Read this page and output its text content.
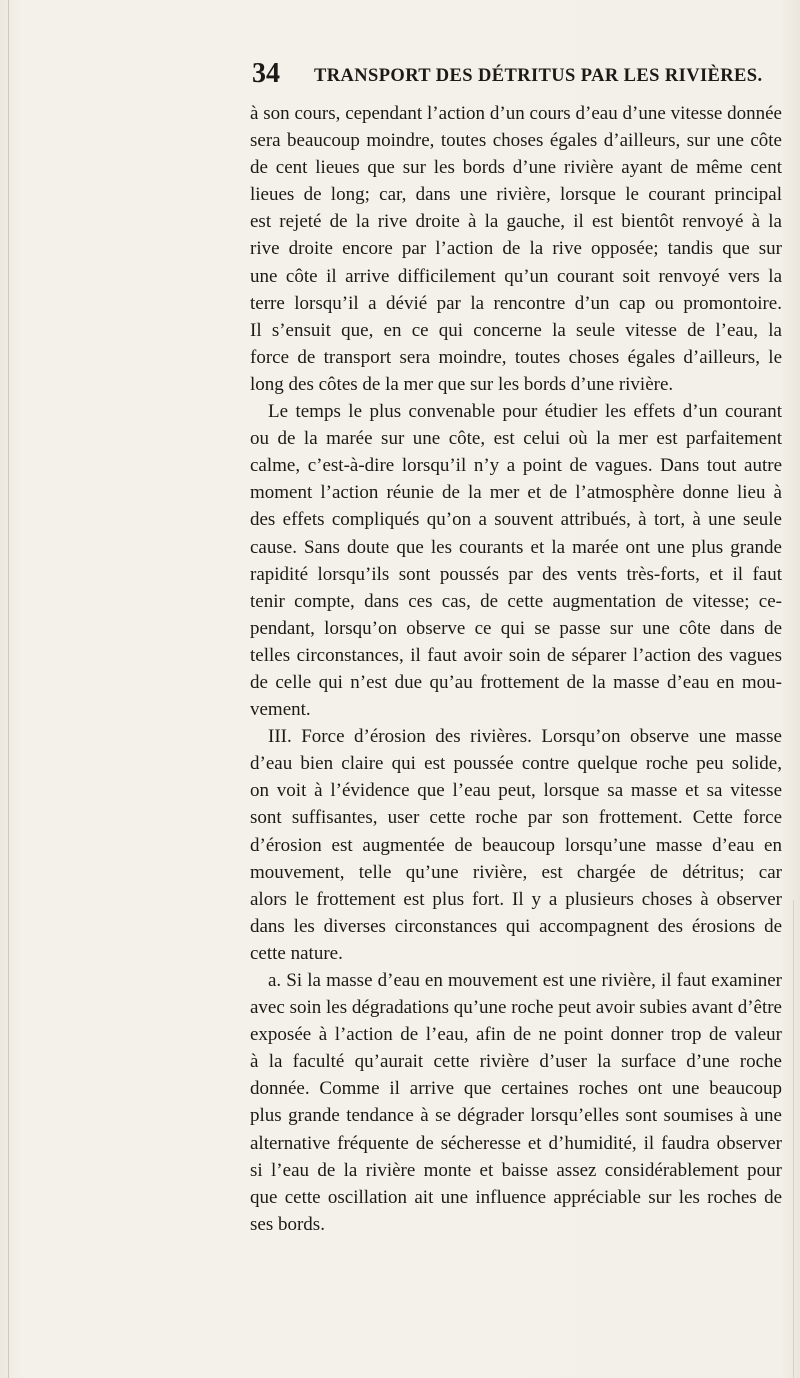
34 TRANSPORT DES DÉTRITUS PAR LES RIVIÈRES.
à son cours, cependant l’action d’un cours d’eau d’une vitesse donnée
sera beaucoup moindre, toutes choses égales d’ailleurs, sur une côte
de cent lieues que sur les bords d’une rivière ayant de même cent
lieues de long; car, dans une rivière, lorsque le courant principal
est rejeté de la rive droite à la gauche, il est bientôt renvoyé à la
rive droite encore par l’action de la rive opposée; tandis que sur
une côte il arrive difficilement qu’un courant soit renvoyé vers la
terre lorsqu’il a dévié par la rencontre d’un cap ou promontoire.
Il s’ensuit que, en ce qui concerne la seule vitesse de l’eau, la
force de transport sera moindre, toutes choses égales d’ailleurs, le
long des côtes de la mer que sur les bords d’une rivière.
Le temps le plus convenable pour étudier les effets d’un courant
ou de la marée sur une côte, est celui où la mer est parfaitement
calme, c’est-à-dire lorsqu’il n’y a point de vagues. Dans tout autre
moment l’action réunie de la mer et de l’atmosphère donne lieu à
des effets compliqués qu’on a souvent attribués, à tort, à une seule
cause. Sans doute que les courants et la marée ont une plus grande
rapidité lorsqu’ils sont poussés par des vents très-forts, et il faut
tenir compte, dans ces cas, de cette augmentation de vitesse; ce-
pendant, lorsqu’on observe ce qui se passe sur une côte dans de
telles circonstances, il faut avoir soin de séparer l’action des vagues
de celle qui n’est due qu’au frottement de la masse d’eau en mou-
vement.
III. Force d’érosion des rivières. Lorsqu’on observe une masse
d’eau bien claire qui est poussée contre quelque roche peu solide,
on voit à l’évidence que l’eau peut, lorsque sa masse et sa vitesse
sont suffisantes, user cette roche par son frottement. Cette force
d’érosion est augmentée de beaucoup lorsqu’une masse d’eau en
mouvement, telle qu’une rivière, est chargée de détritus; car
alors le frottement est plus fort. Il y a plusieurs choses à observer
dans les diverses circonstances qui accompagnent des érosions de
cette nature.
a. Si la masse d’eau en mouvement est une rivière, il faut examiner
avec soin les dégradations qu’une roche peut avoir subies avant d’être
exposée à l’action de l’eau, afin de ne point donner trop de valeur
à la faculté qu’aurait cette rivière d’user la surface d’une roche
donnée. Comme il arrive que certaines roches ont une beaucoup
plus grande tendance à se dégrader lorsqu’elles sont soumises à une
alternative fréquente de sécheresse et d’humidité, il faudra observer
si l’eau de la rivière monte et baisse assez considérablement pour
que cette oscillation ait une influence appréciable sur les roches de
ses bords.
